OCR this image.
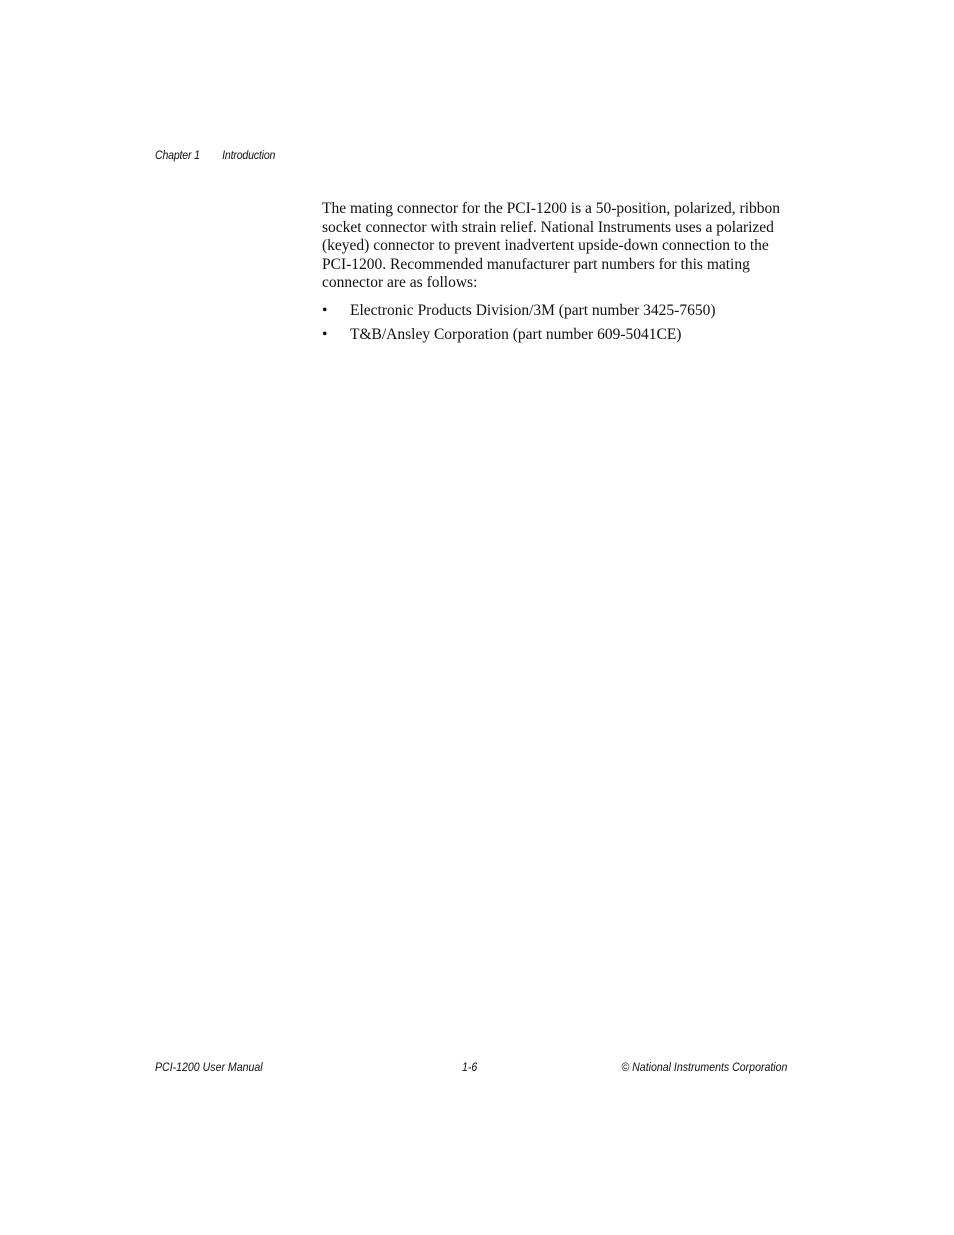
Chapter 1 Introduction

The mating connector for the PCI-1200 is a 50-position, polarized, ribbon socket connector with strain relief. National Instruments uses a polarized (keyed) connector to prevent inadvertent upside-down connection to the PCI-1200. Recommended manufacturer part numbers for this mating connector are as follows:

• Electronic Products Division/3M (part number 3425-7650)
• T&B/Ansley Corporation (part number 609-5041CE)
PCI-1200 User Manual	1-6	© National Instruments Corporation
